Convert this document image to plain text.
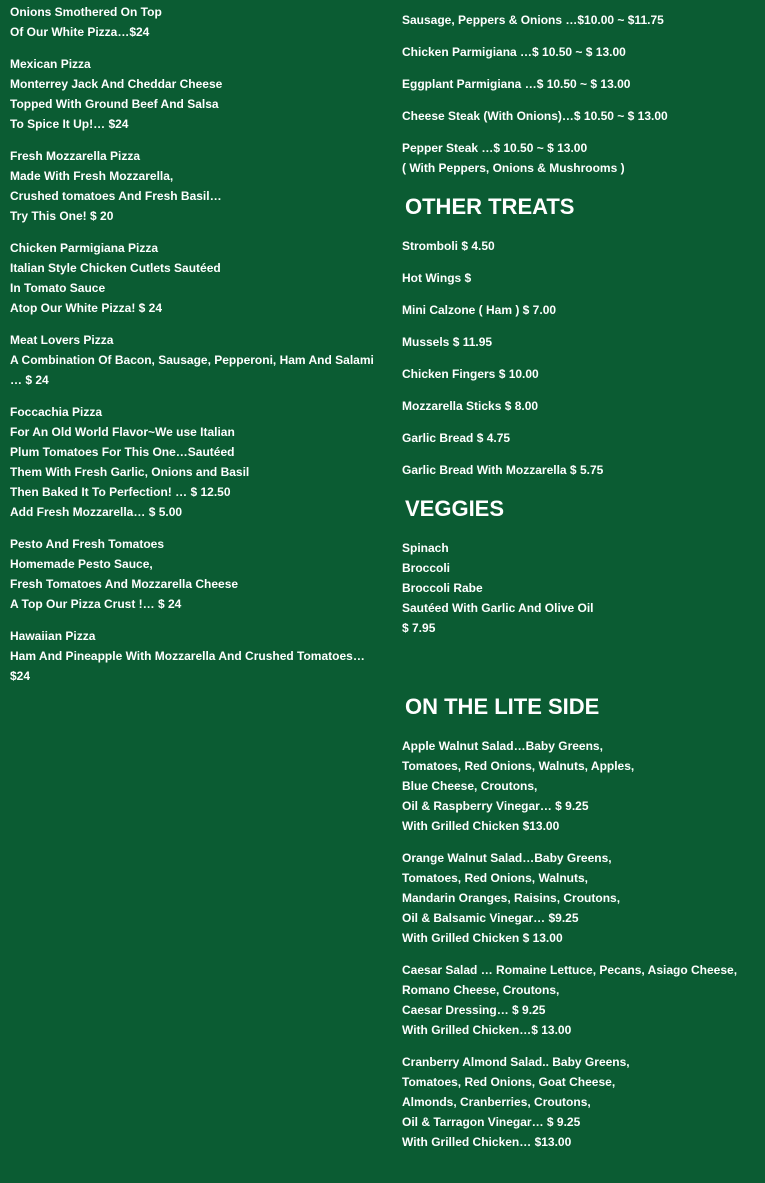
Onions Smothered On Top
Of Our White Pizza…$24
Mexican Pizza
Monterrey Jack And Cheddar Cheese
Topped With Ground Beef And Salsa
To Spice It Up!… $24
Fresh Mozzarella Pizza
Made With Fresh Mozzarella,
Crushed tomatoes And Fresh Basil…
Try This One! $ 20
Chicken Parmigiana Pizza
Italian Style Chicken Cutlets Sautéed
In Tomato Sauce
Atop Our White Pizza! $ 24
Meat Lovers Pizza
A Combination Of Bacon, Sausage, Pepperoni, Ham And Salami … $ 24
Foccachia Pizza
For An Old World Flavor~We use Italian
Plum Tomatoes For This One…Sautéed
Them With Fresh Garlic, Onions and Basil
Then Baked It To Perfection! … $ 12.50
Add Fresh Mozzarella… $ 5.00
Pesto And Fresh Tomatoes
Homemade Pesto Sauce,
Fresh Tomatoes And Mozzarella Cheese
A Top Our Pizza Crust !… $ 24
Hawaiian Pizza
Ham And Pineapple With Mozzarella And Crushed Tomatoes… $24
Sausage, Peppers & Onions …$10.00 ~ $11.75
Chicken Parmigiana …$ 10.50 ~ $ 13.00
Eggplant Parmigiana …$ 10.50 ~ $ 13.00
Cheese Steak (With Onions)…$ 10.50 ~ $ 13.00
Pepper Steak …$ 10.50 ~ $ 13.00
( With Peppers, Onions & Mushrooms )
OTHER TREATS
Stromboli $ 4.50
Hot Wings $
Mini Calzone ( Ham ) $ 7.00
Mussels $ 11.95
Chicken Fingers $ 10.00
Mozzarella Sticks $ 8.00
Garlic Bread $ 4.75
Garlic Bread With Mozzarella $ 5.75
VEGGIES
Spinach
Broccoli
Broccoli Rabe
Sautéed With Garlic And Olive Oil
$ 7.95
ON THE LITE SIDE
Apple Walnut Salad…Baby Greens,
Tomatoes, Red Onions, Walnuts, Apples,
Blue Cheese, Croutons,
Oil & Raspberry Vinegar… $ 9.25
With Grilled Chicken $13.00
Orange Walnut Salad…Baby Greens,
Tomatoes, Red Onions, Walnuts,
Mandarin Oranges, Raisins, Croutons,
Oil & Balsamic Vinegar… $9.25
With Grilled Chicken $ 13.00
Caesar Salad … Romaine Lettuce, Pecans, Asiago Cheese,
Romano Cheese, Croutons,
Caesar Dressing… $ 9.25
With Grilled Chicken…$ 13.00
Cranberry Almond Salad.. Baby Greens,
Tomatoes, Red Onions, Goat Cheese,
Almonds, Cranberries, Croutons,
Oil & Tarragon Vinegar… $ 9.25
With Grilled Chicken… $13.00
